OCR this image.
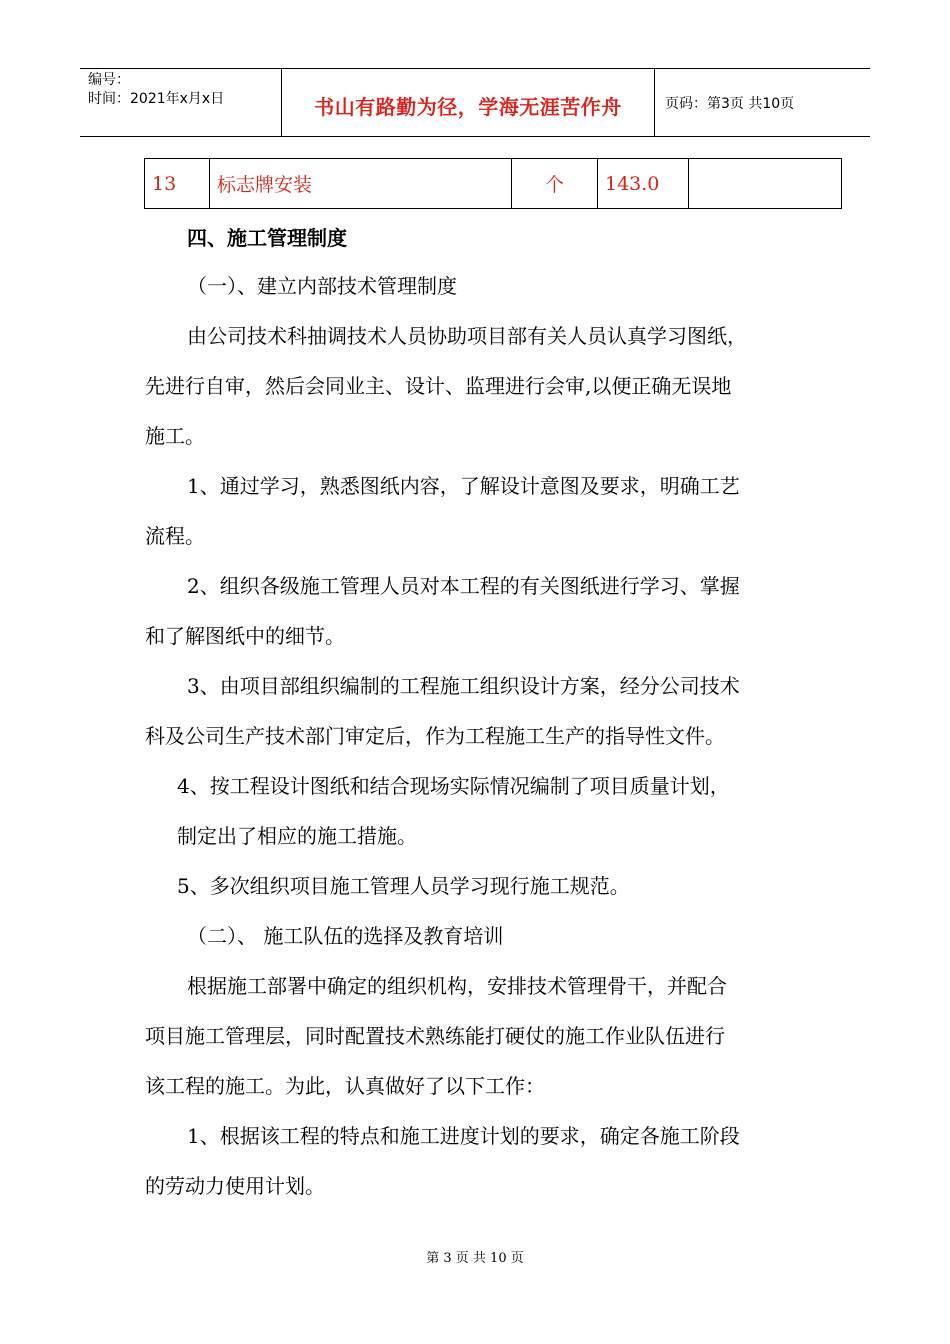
编号：
时间：2021年x月x日	书山有路勤为径，学海无涯苦作舟	页码：第3页 共10页
13	标志牌安装	个	143.0	

四、施工管理制度

（一）、建立内部技术管理制度

由公司技术科抽调技术人员协助项目部有关人员认真学习图纸，

先进行自审，然后会同业主、设计、监理进行会审,以便正确无误地

施工。

1、通过学习，熟悉图纸内容，了解设计意图及要求，明确工艺

流程。

2、组织各级施工管理人员对本工程的有关图纸进行学习、掌握

和了解图纸中的细节。

3、由项目部组织编制的工程施工组织设计方案，经分公司技术

科及公司生产技术部门审定后，作为工程施工生产的指导性文件。

4、按工程设计图纸和结合现场实际情况编制了项目质量计划，

制定出了相应的施工措施。

5、多次组织项目施工管理人员学习现行施工规范。

（二）、 施工队伍的选择及教育培训

根据施工部署中确定的组织机构，安排技术管理骨干，并配合

项目施工管理层，同时配置技术熟练能打硬仗的施工作业队伍进行

该工程的施工。为此，认真做好了以下工作：

1、根据该工程的特点和施工进度计划的要求，确定各施工阶段

的劳动力使用计划。

第 3 页 共 10 页
